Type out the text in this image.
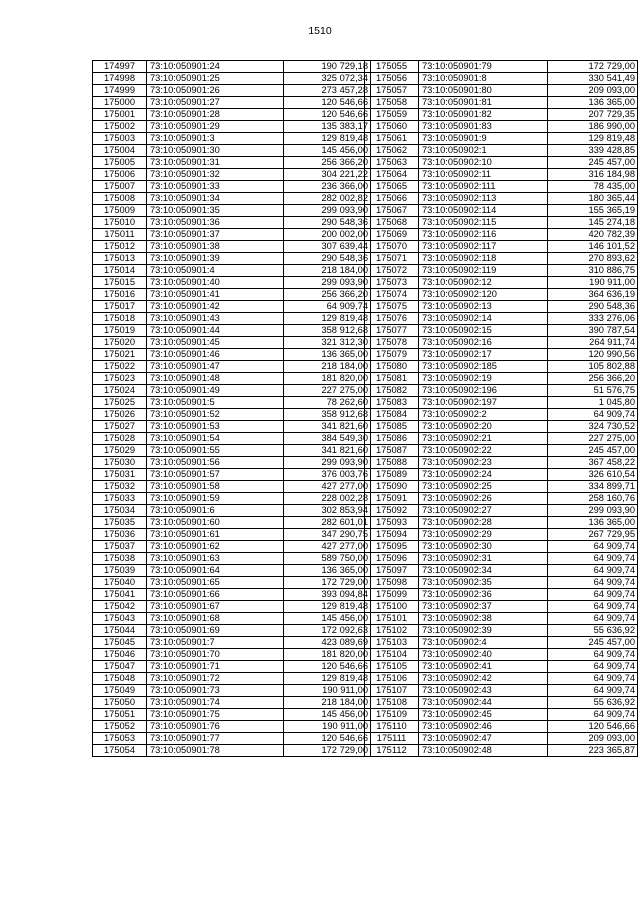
1510
174997	73:10:050901:24	190 729,18
174998	73:10:050901:25	325 072,34
174999	73:10:050901:26	273 457,28
175000	73:10:050901:27	120 546,66
175001	73:10:050901:28	120 546,66
175002	73:10:050901:29	135 383,17
175003	73:10:050901:3	129 819,48
175004	73:10:050901:30	145 456,00
175005	73:10:050901:31	256 366,20
175006	73:10:050901:32	304 221,22
175007	73:10:050901:33	236 366,00
175008	73:10:050901:34	282 002,82
175009	73:10:050901:35	299 093,90
175010	73:10:050901:36	290 548,36
175011	73:10:050901:37	200 002,00
175012	73:10:050901:38	307 639,44
175013	73:10:050901:39	290 548,36
175014	73:10:050901:4	218 184,00
175015	73:10:050901:40	299 093,90
175016	73:10:050901:41	256 366,20
175017	73:10:050901:42	64 909,74
175018	73:10:050901:43	129 819,48
175019	73:10:050901:44	358 912,68
175020	73:10:050901:45	321 312,30
175021	73:10:050901:46	136 365,00
175022	73:10:050901:47	218 184,00
175023	73:10:050901:48	181 820,00
175024	73:10:050901:49	227 275,00
175025	73:10:050901:5	78 262,60
175026	73:10:050901:52	358 912,68
175027	73:10:050901:53	341 821,60
175028	73:10:050901:54	384 549,30
175029	73:10:050901:55	341 821,60
175030	73:10:050901:56	299 093,90
175031	73:10:050901:57	376 003,76
175032	73:10:050901:58	427 277,00
175033	73:10:050901:59	228 002,28
175034	73:10:050901:6	302 853,94
175035	73:10:050901:60	282 601,01
175036	73:10:050901:61	347 290,75
175037	73:10:050901:62	427 277,00
175038	73:10:050901:63	589 750,00
175039	73:10:050901:64	136 365,00
175040	73:10:050901:65	172 729,00
175041	73:10:050901:66	393 094,84
175042	73:10:050901:67	129 819,48
175043	73:10:050901:68	145 456,00
175044	73:10:050901:69	172 092,63
175045	73:10:050901:7	423 089,69
175046	73:10:050901:70	181 820,00
175047	73:10:050901:71	120 546,66
175048	73:10:050901:72	129 819,48
175049	73:10:050901:73	190 911,00
175050	73:10:050901:74	218 184,00
175051	73:10:050901:75	145 456,00
175052	73:10:050901:76	190 911,00
175053	73:10:050901:77	120 546,66
175054	73:10:050901:78	172 729,00
175055	73:10:050901:79	172 729,00
175056	73:10:050901:8	330 541,49
175057	73:10:050901:80	209 093,00
175058	73:10:050901:81	136 365,00
175059	73:10:050901:82	207 729,35
175060	73:10:050901:83	186 990,00
175061	73:10:050901:9	129 819,48
175062	73:10:050902:1	339 428,85
175063	73:10:050902:10	245 457,00
175064	73:10:050902:11	316 184,98
175065	73:10:050902:111	78 435,00
175066	73:10:050902:113	180 365,44
175067	73:10:050902:114	155 365,19
175068	73:10:050902:115	145 274,18
175069	73:10:050902:116	420 782,39
175070	73:10:050902:117	146 101,52
175071	73:10:050902:118	270 893,62
175072	73:10:050902:119	310 886,75
175073	73:10:050902:12	190 911,00
175074	73:10:050902:120	364 636,19
175075	73:10:050902:13	290 548,36
175076	73:10:050902:14	333 276,06
175077	73:10:050902:15	390 787,54
175078	73:10:050902:16	264 911,74
175079	73:10:050902:17	120 990,56
175080	73:10:050902:185	105 802,88
175081	73:10:050902:19	256 366,20
175082	73:10:050902:196	51 576,75
175083	73:10:050902:197	1 045,80
175084	73:10:050902:2	64 909,74
175085	73:10:050902:20	324 730,52
175086	73:10:050902:21	227 275,00
175087	73:10:050902:22	245 457,00
175088	73:10:050902:23	367 458,22
175089	73:10:050902:24	326 610,54
175090	73:10:050902:25	334 899,71
175091	73:10:050902:26	258 160,76
175092	73:10:050902:27	299 093,90
175093	73:10:050902:28	136 365,00
175094	73:10:050902:29	267 729,95
175095	73:10:050902:30	64 909,74
175096	73:10:050902:31	64 909,74
175097	73:10:050902:34	64 909,74
175098	73:10:050902:35	64 909,74
175099	73:10:050902:36	64 909,74
175100	73:10:050902:37	64 909,74
175101	73:10:050902:38	64 909,74
175102	73:10:050902:39	55 636,92
175103	73:10:050902:4	245 457,00
175104	73:10:050902:40	64 909,74
175105	73:10:050902:41	64 909,74
175106	73:10:050902:42	64 909,74
175107	73:10:050902:43	64 909,74
175108	73:10:050902:44	55 636,92
175109	73:10:050902:45	64 909,74
175110	73:10:050902:46	120 546,66
175111	73:10:050902:47	209 093,00
175112	73:10:050902:48	223 365,87
